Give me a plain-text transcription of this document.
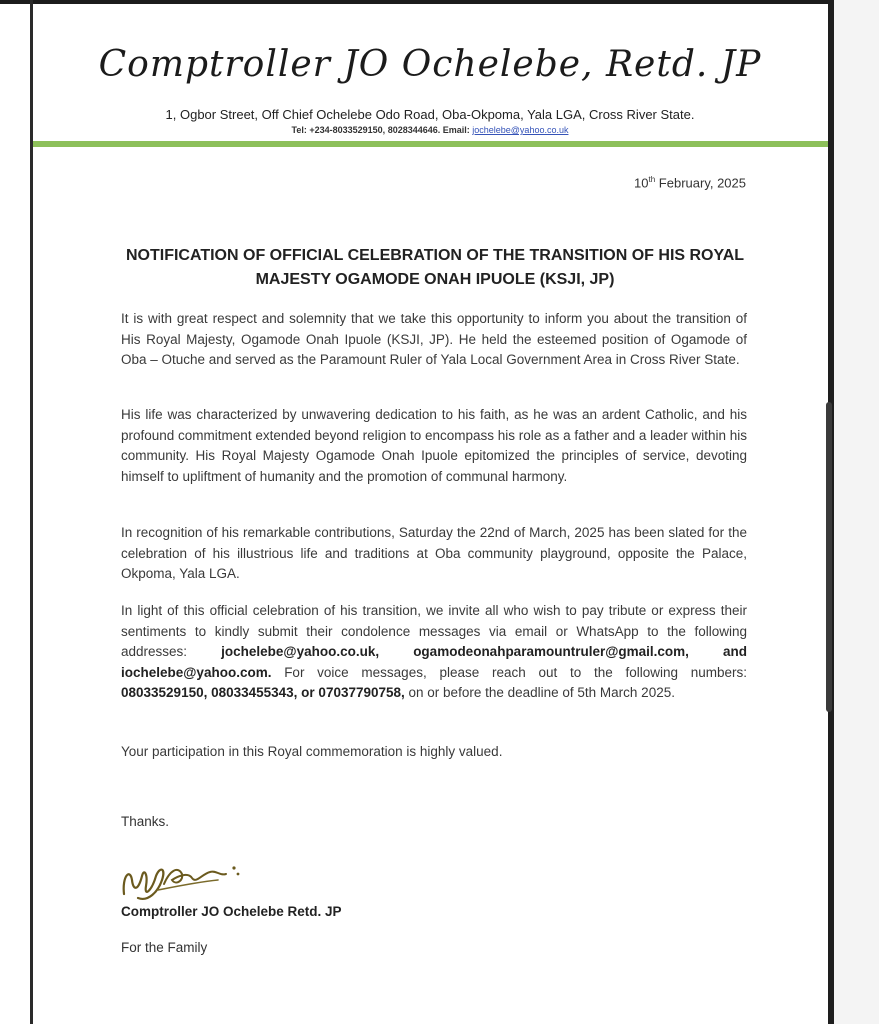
Comptroller JO Ochelebe, Retd. JP
1, Ogbor Street, Off Chief Ochelebe Odo Road, Oba-Okpoma, Yala LGA, Cross River State.
Tel: +234-8033529150, 8028344646. Email: jochelebe@yahoo.co.uk
10th February, 2025
NOTIFICATION OF OFFICIAL CELEBRATION OF THE TRANSITION OF HIS ROYAL MAJESTY OGAMODE ONAH IPUOLE (KSJI, JP)
It is with great respect and solemnity that we take this opportunity to inform you about the transition of His Royal Majesty, Ogamode Onah Ipuole (KSJI, JP). He held the esteemed position of Ogamode of Oba – Otuche and served as the Paramount Ruler of Yala Local Government Area in Cross River State.
His life was characterized by unwavering dedication to his faith, as he was an ardent Catholic, and his profound commitment extended beyond religion to encompass his role as a father and a leader within his community. His Royal Majesty Ogamode Onah Ipuole epitomized the principles of service, devoting himself to upliftment of humanity and the promotion of communal harmony.
In recognition of his remarkable contributions, Saturday the 22nd of March, 2025 has been slated for the celebration of his illustrious life and traditions at Oba community playground, opposite the Palace, Okpoma, Yala LGA.
In light of this official celebration of his transition, we invite all who wish to pay tribute or express their sentiments to kindly submit their condolence messages via email or WhatsApp to the following addresses: jochelebe@yahoo.co.uk, ogamodeonahparamountruler@gmail.com, and iochelebe@yahoo.com. For voice messages, please reach out to the following numbers: 08033529150, 08033455343, or 07037790758, on or before the deadline of 5th March 2025.
Your participation in this Royal commemoration is highly valued.
Thanks.
Comptroller JO Ochelebe Retd. JP
For the Family
